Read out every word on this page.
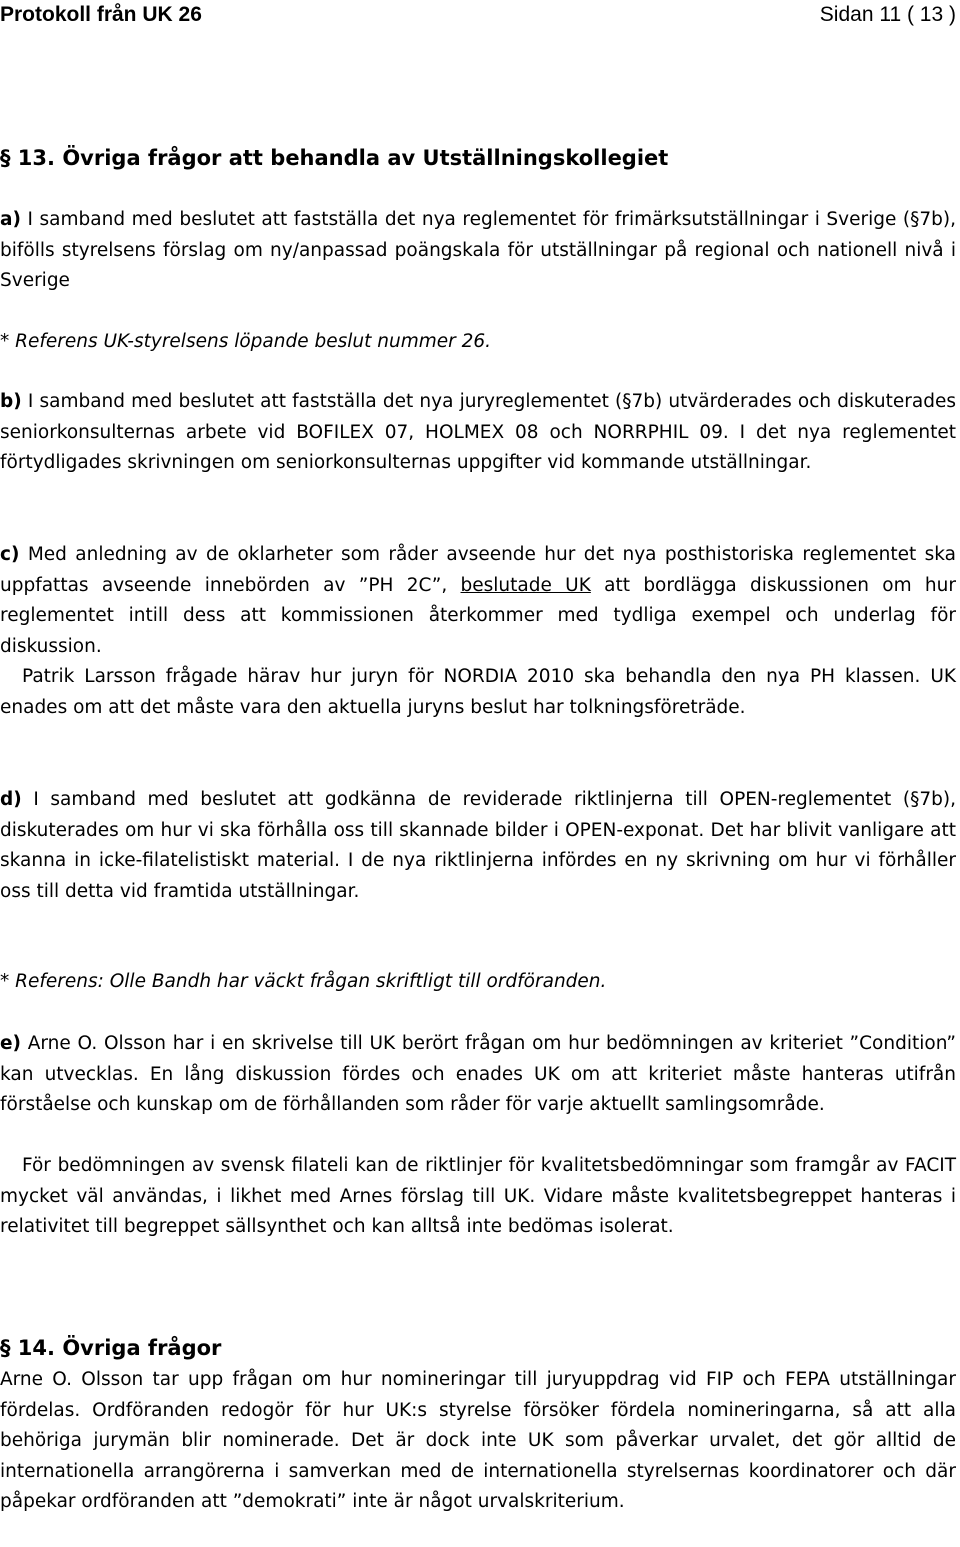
Protokoll från UK 26	Sidan 11 ( 13 )
§ 13. Övriga frågor att behandla av Utställningskollegiet
a) I samband med beslutet att fastställa det nya reglementet för frimärksutställningar i Sverige (§7b), bifölls styrelsens förslag om ny/anpassad poängskala för utställningar på regional och nationell nivå i Sverige
* Referens UK-styrelsens löpande beslut nummer 26.
b) I samband med beslutet att fastställa det nya juryreglementet (§7b) utvärderades och diskuterades seniorkonsulternas arbete vid BOFILEX 07, HOLMEX 08 och NORRPHIL 09. I det nya reglementet förtydligades skrivningen om seniorkonsulternas uppgifter vid kommande utställningar.
c) Med anledning av de oklarheter som råder avseende hur det nya posthistoriska reglementet ska uppfattas avseende innebörden av ”PH 2C”, beslutade UK att bordlägga diskussionen om hur reglementet intill dess att kommissionen återkommer med tydliga exempel och underlag för diskussion.
Patrik Larsson frågade härav hur juryn för NORDIA 2010 ska behandla den nya PH klassen. UK enades om att det måste vara den aktuella juryns beslut har tolkningsföreträde.
d) I samband med beslutet att godkänna de reviderade riktlinjerna till OPEN-reglementet (§7b), diskuterades om hur vi ska förhålla oss till skannade bilder i OPEN-exponat. Det har blivit vanligare att skanna in icke-filatelistiskt material. I de nya riktlinjerna infördes en ny skrivning om hur vi förhåller oss till detta vid framtida utställningar.
* Referens: Olle Bandh har väckt frågan skriftligt till ordföranden.
e) Arne O. Olsson har i en skrivelse till UK berört frågan om hur bedömningen av kriteriet ”Condition” kan utvecklas. En lång diskussion fördes och enades UK om att kriteriet måste hanteras utifrån förståelse och kunskap om de förhållanden som råder för varje aktuellt samlingsområde.
För bedömningen av svensk filateli kan de riktlinjer för kvalitetsbedömningar som framgår av FACIT mycket väl användas, i likhet med Arnes förslag till UK. Vidare måste kvalitetsbegreppet hanteras i relativitet till begreppet sällsynthet och kan alltså inte bedömas isolerat.
§ 14. Övriga frågor
Arne O. Olsson tar upp frågan om hur nomineringar till juryuppdrag vid FIP och FEPA utställningar fördelas. Ordföranden redogör för hur UK:s styrelse försöker fördela nomineringarna, så att alla behöriga jurymän blir nominerade. Det är dock inte UK som påverkar urvalet, det gör alltid de internationella arrangörerna i samverkan med de internationella styrelsernas koordinatorer och där påpekar ordföranden att ”demokrati” inte är något urvalskriterium.
